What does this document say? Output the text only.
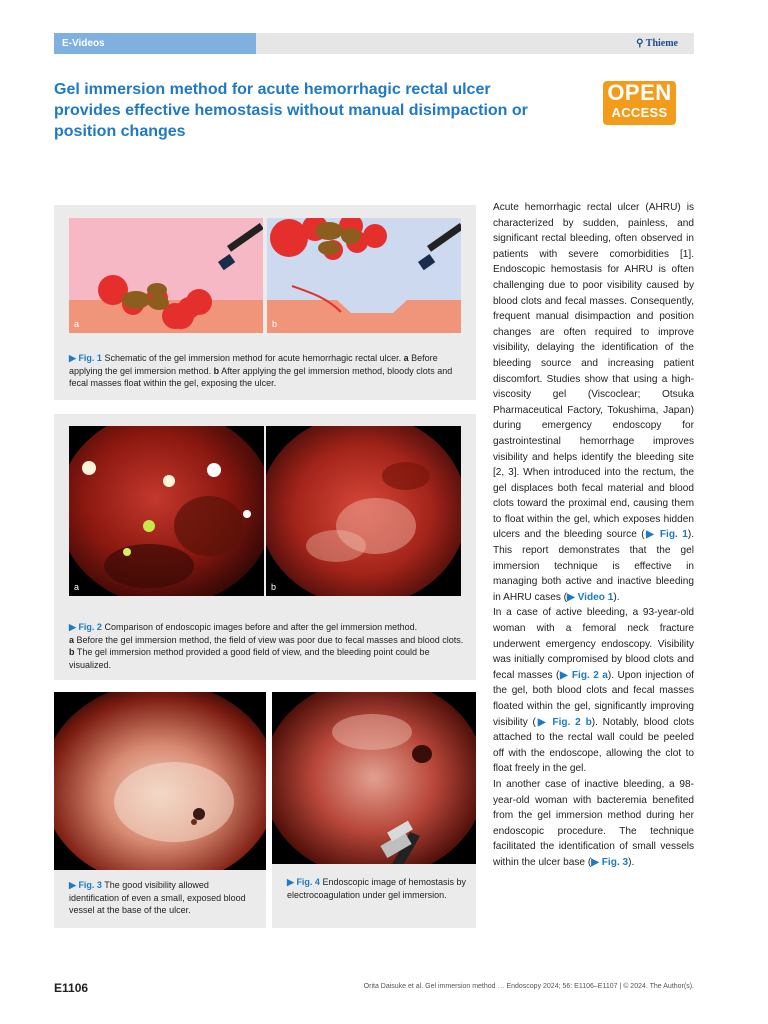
E-Videos	⚲ Thieme
Gel immersion method for acute hemorrhagic rectal ulcer provides effective hemostasis without manual disimpaction or position changes
OPEN
ACCESS
a	b
▶ Fig. 1 Schematic of the gel immersion method for acute hemorrhagic rectal ulcer. a Before applying the gel immersion method. b After applying the gel immersion method, bloody clots and fecal masses float within the gel, exposing the ulcer.
a	b
▶ Fig. 2 Comparison of endoscopic images before and after the gel immersion method.
a Before the gel immersion method, the field of view was poor due to fecal masses and blood clots. b The gel immersion method provided a good field of view, and the bleeding point could be visualized.
▶ Fig. 3 The good visibility allowed identification of even a small, exposed blood vessel at the base of the ulcer.
▶ Fig. 4 Endoscopic image of hemostasis by electrocoagulation under gel immersion.

Acute hemorrhagic rectal ulcer (AHRU) is characterized by sudden, painless, and significant rectal bleeding, often observed in patients with severe comorbidities [1]. Endoscopic hemostasis for AHRU is often challenging due to poor visibility caused by blood clots and fecal masses. Consequently, frequent manual disimpaction and position changes are often required to improve visibility, delaying the identification of the bleeding source and increasing patient discomfort. Studies show that using a high-viscosity gel (Viscoclear; Otsuka Pharmaceutical Factory, Tokushima, Japan) during emergency endoscopy for gastrointestinal hemorrhage improves visibility and helps identify the bleeding site [2, 3]. When introduced into the rectum, the gel displaces both fecal material and blood clots toward the proximal end, causing them to float within the gel, which exposes hidden ulcers and the bleeding source (▶ Fig. 1). This report demonstrates that the gel immersion technique is effective in managing both active and inactive bleeding in AHRU cases (▶ Video 1).

In a case of active bleeding, a 93-year-old woman with a femoral neck fracture underwent emergency endoscopy. Visibility was initially compromised by blood clots and fecal masses (▶ Fig. 2 a). Upon injection of the gel, both blood clots and fecal masses floated within the gel, significantly improving visibility (▶ Fig. 2 b). Notably, blood clots attached to the rectal wall could be peeled off with the endoscope, allowing the clot to float freely in the gel.

In another case of inactive bleeding, a 98-year-old woman with bacteremia benefited from the gel immersion method during her endoscopic procedure. The technique facilitated the identification of small vessels within the ulcer base (▶ Fig. 3).

E1106	Orita Daisuke et al. Gel immersion method … Endoscopy 2024; 56: E1106–E1107 | © 2024. The Author(s).
